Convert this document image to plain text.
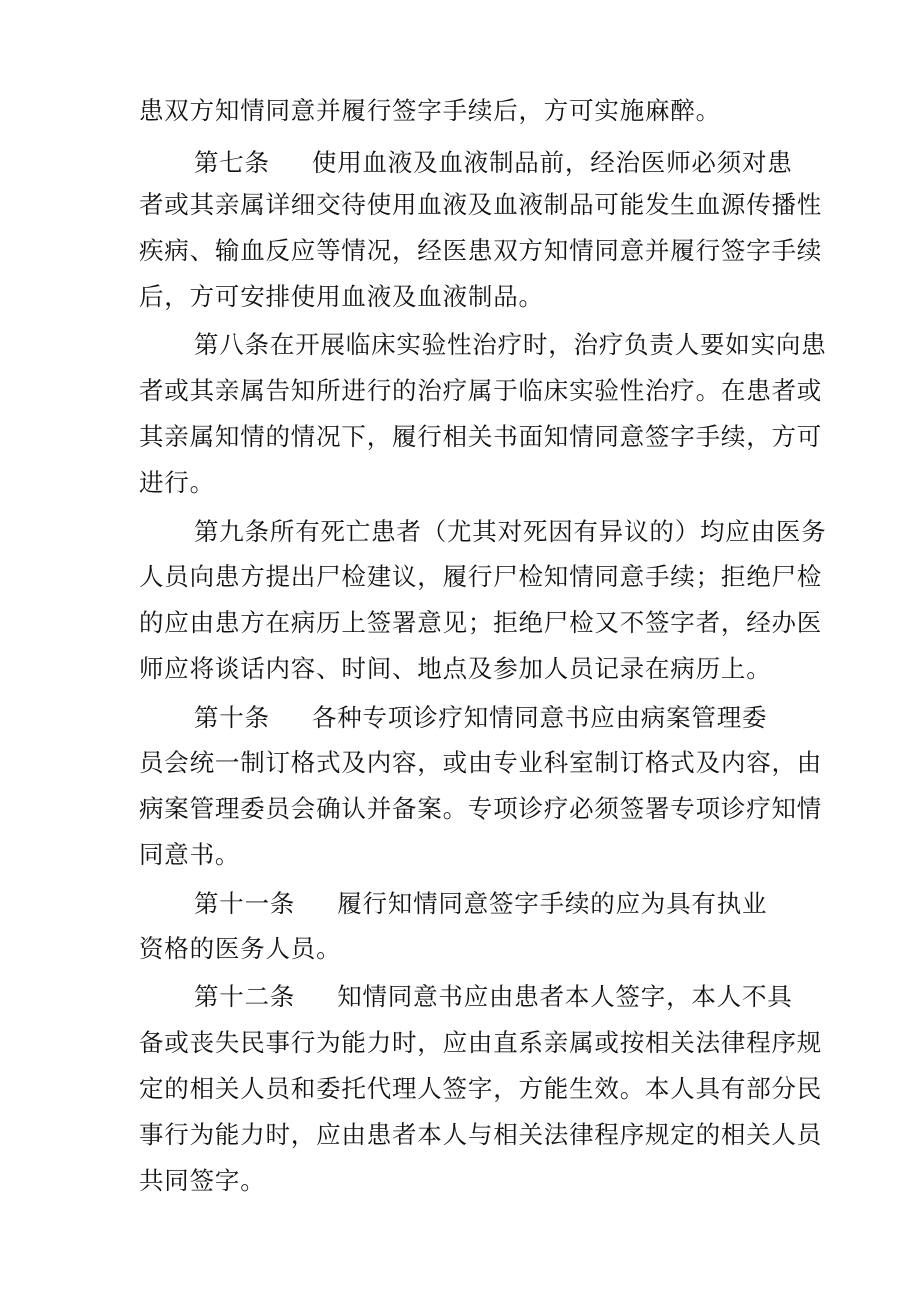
患双方知情同意并履行签字手续后，方可实施麻醉。
第七条 使用血液及血液制品前，经治医师必须对患
者或其亲属详细交待使用血液及血液制品可能发生血源传播性
疾病、输血反应等情况，经医患双方知情同意并履行签字手续
后，方可安排使用血液及血液制品。
第八条在开展临床实验性治疗时，治疗负责人要如实向患
者或其亲属告知所进行的治疗属于临床实验性治疗。在患者或
其亲属知情的情况下，履行相关书面知情同意签字手续，方可
进行。
第九条所有死亡患者（尤其对死因有异议的）均应由医务
人员向患方提出尸检建议，履行尸检知情同意手续；拒绝尸检
的应由患方在病历上签署意见；拒绝尸检又不签字者，经办医
师应将谈话内容、时间、地点及参加人员记录在病历上。
第十条 各种专项诊疗知情同意书应由病案管理委
员会统一制订格式及内容，或由专业科室制订格式及内容，由
病案管理委员会确认并备案。专项诊疗必须签署专项诊疗知情
同意书。
第十一条 履行知情同意签字手续的应为具有执业
资格的医务人员。
第十二条 知情同意书应由患者本人签字，本人不具
备或丧失民事行为能力时，应由直系亲属或按相关法律程序规
定的相关人员和委托代理人签字，方能生效。本人具有部分民
事行为能力时，应由患者本人与相关法律程序规定的相关人员
共同签字。
